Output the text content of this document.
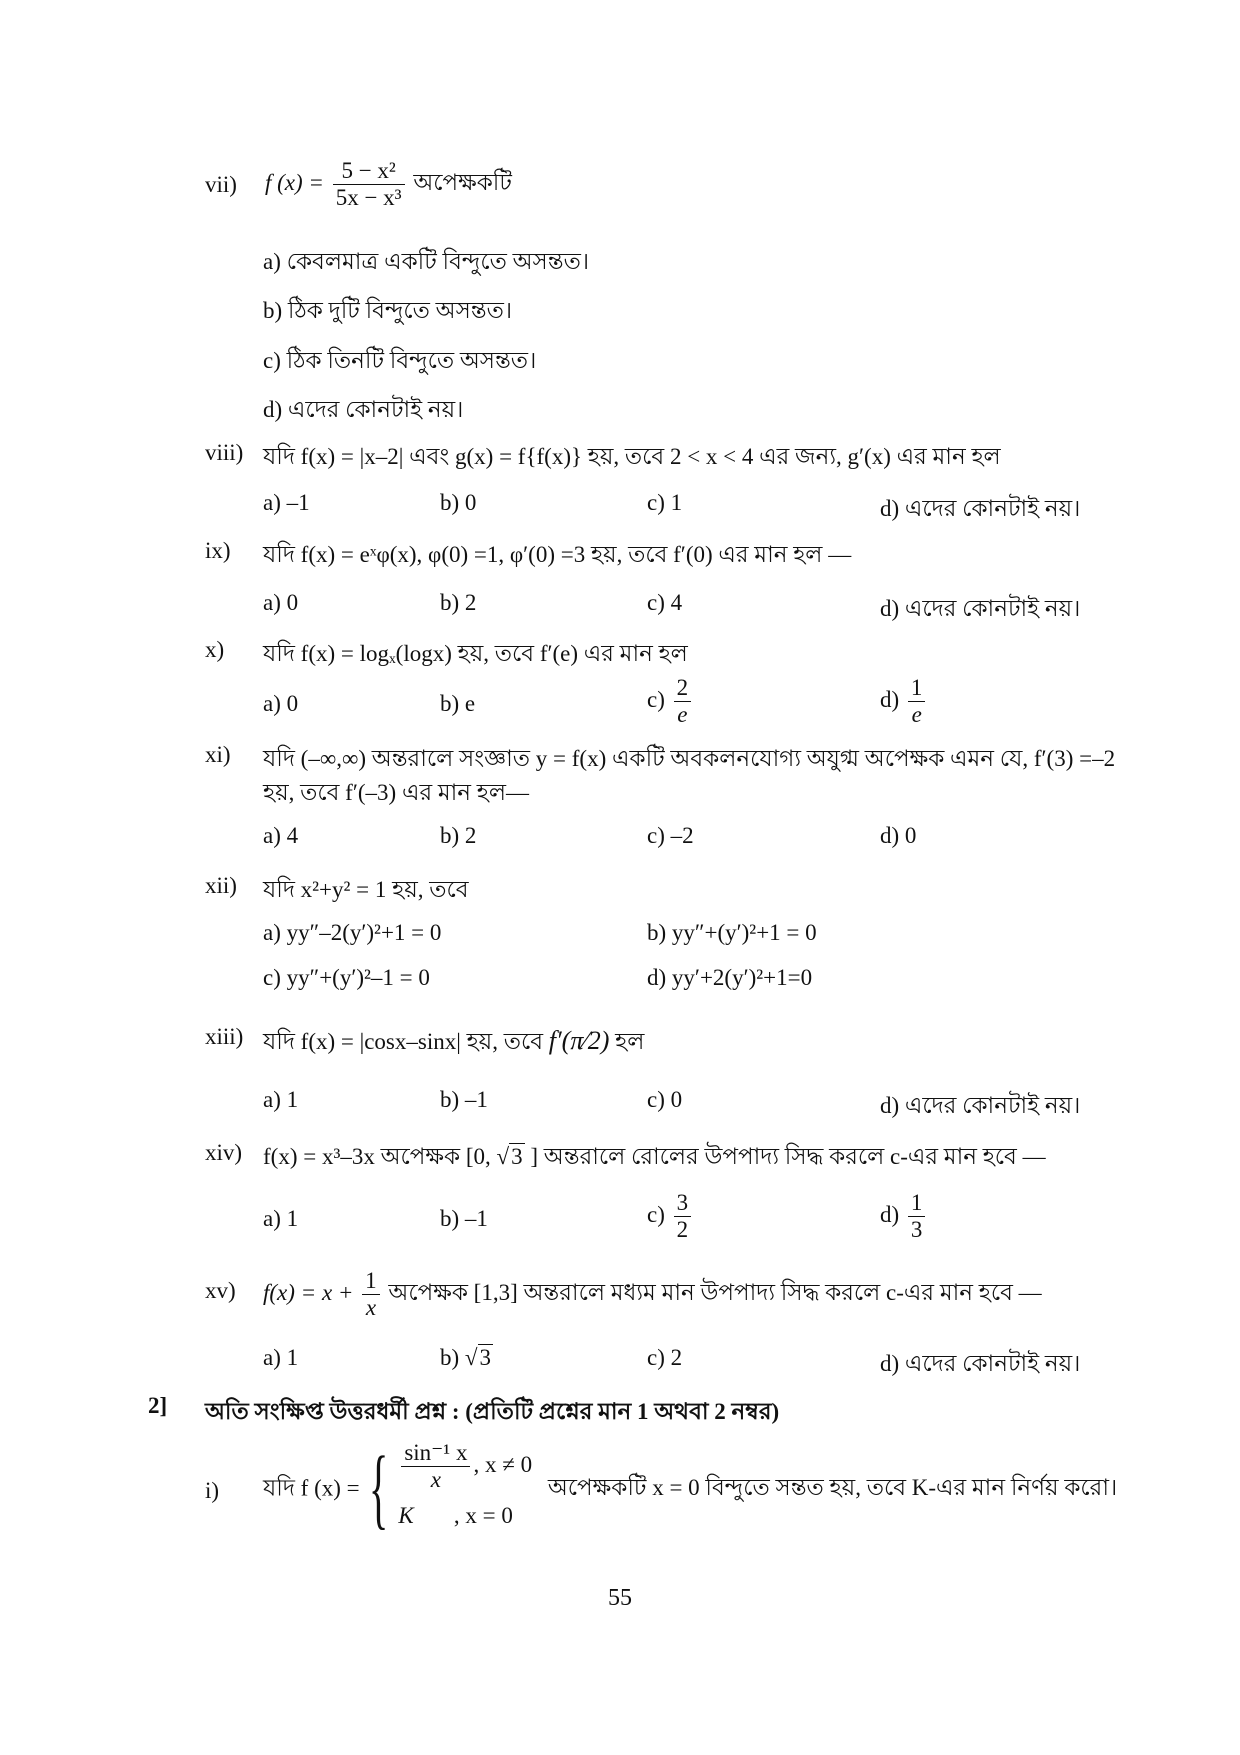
vii) f $(x) = \frac{\text{5 − x²}}{\text{5x − x³}}$ অপেক্ষকটি
a) কেবলমাত্র একটি বিন্দুতে অসন্তত।
b) ঠিক দুটি বিন্দুতে অসন্তত।
c) ঠিক তিনটি বিন্দুতে অসন্তত।
d) এদের কোনটাই নয়।
viii) যদি f(x) = |x–2| এবং g(x) = f{f(x)} হয়, তবে 2 < x < 4 এর জন্য, g′(x) এর মান হল
a) –1	b) 0	c) 1	d) এদের কোনটাই নয়।
ix) যদি f(x) = eˣφ(x), φ(0) =1, φ′(0) =3 হয়, তবে f′(0) এর মান হল —
a) 0	b) 2	c) 4	d) এদের কোনটাই নয়।
x) যদি f(x) = logₓ(logx) হয়, তবে f′(e) এর মান হল
a) 0	b) e	$c) \frac{2}{e}$	$d) \frac{1}{e}$
xi) যদি (–∞,∞) অন্তরালে সংজ্ঞাত y = f(x) একটি অবকলনযোগ্য অযুগ্ম অপেক্ষক এমন যে, f′(3) =–2
হয়, তবে f′(–3) এর মান হল—
a) 4	b) 2	c) –2	d) 0
xii) যদি x²+y² = 1 হয়, তবে
a) yy″–2(y′)²+1 = 0	b) yy″+(y′)²+1 = 0
c) yy″+(y′)²–1 = 0	d) yy′+2(y′)²+1=0
xiii) যদি f(x) = |cosx–sinx| হয়, তবে f′(π⁄2) হল
a) 1	b) –1	c) 0	d) এদের কোনটাই নয়।
xiv) f(x) = x³–3x অপেক্ষক [0, √3 ] অন্তরালে রোলের উপপাদ্য সিদ্ধ করলে c-এর মান হবে —
a) 1	b) –1	$c) \frac{3}{2}$	$d) \frac{1}{3}$
xv) $f(x) = x + \frac{1}{x}$ অপেক্ষক [1,3] অন্তরালে মধ্যম মান উপপাদ্য সিদ্ধ করলে c-এর মান হবে —
a) 1	b) √3	c) 2	d) এদের কোনটাই নয়।
2] অতি সংক্ষিপ্ত উত্তরধর্মী প্রশ্ন : (প্রতিটি প্রশ্নের মান 1 অথবা 2 নম্বর)
i) যদি f (x) = { $\frac{\text{sin⁻¹ x}}{x}$ , x ≠ 0
K , x = 0
অপেক্ষকটি x = 0 বিন্দুতে সন্তত হয়, তবে K-এর মান নির্ণয় করো।
55
